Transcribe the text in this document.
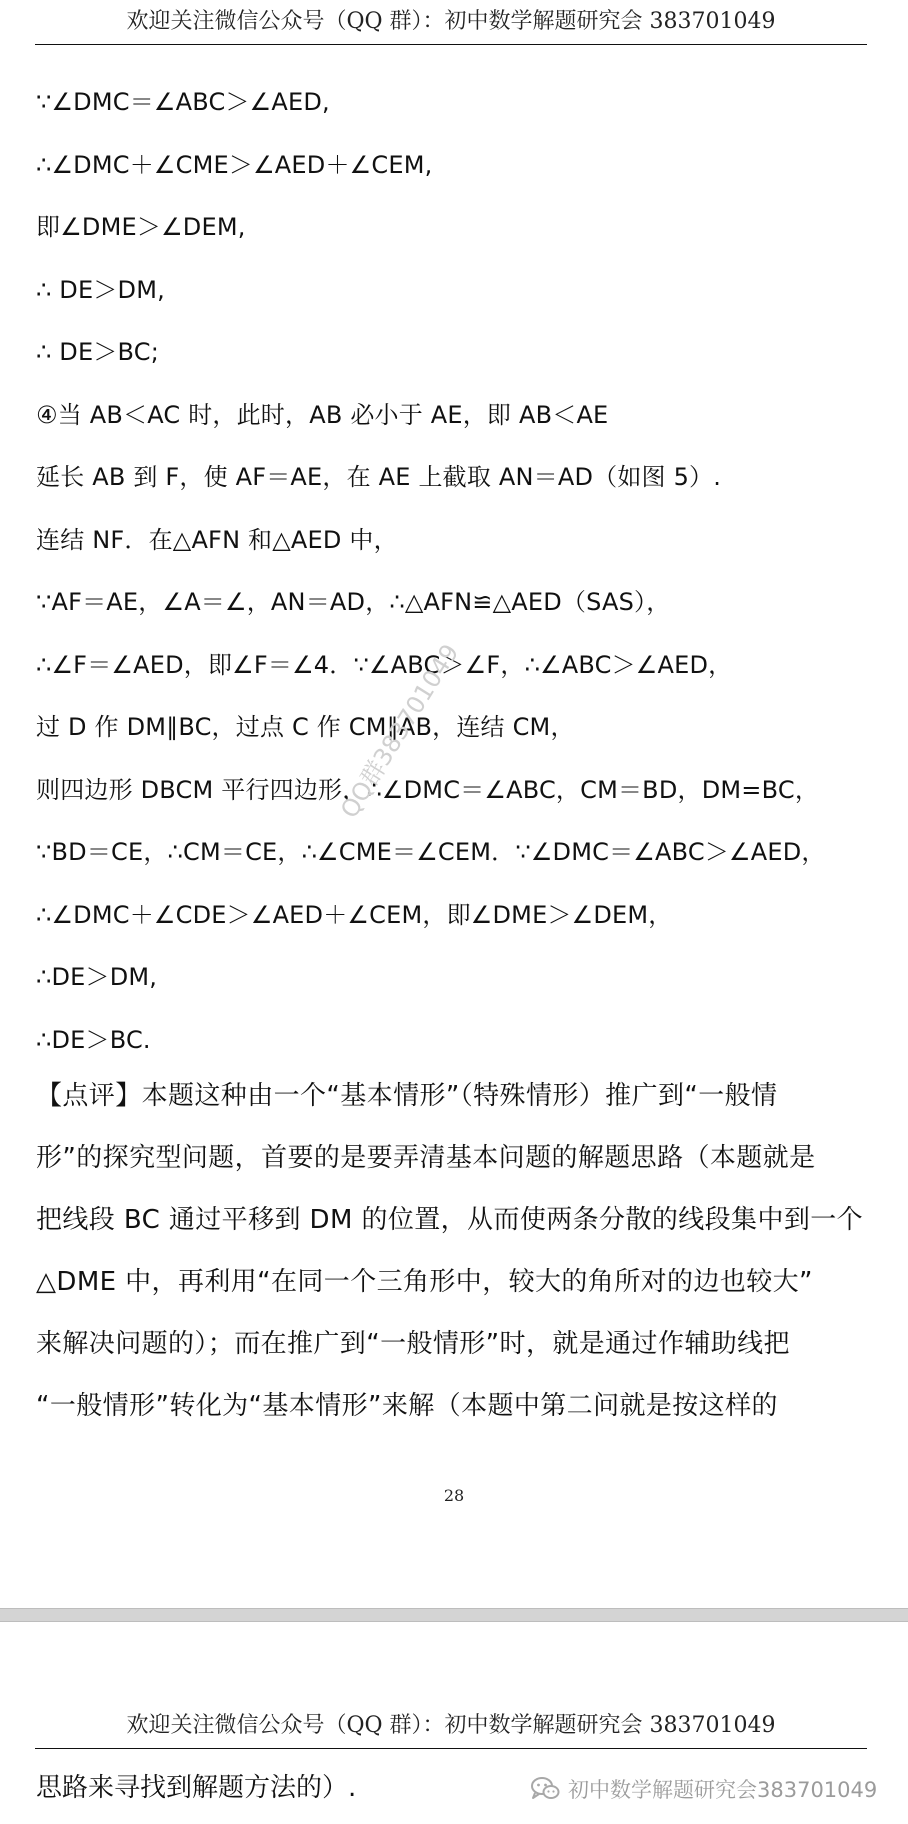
欢迎关注微信公众号（QQ 群）：初中数学解题研究会 383701049
∵∠DMC＝∠ABC＞∠AED,
∴∠DMC＋∠CME＞∠AED＋∠CEM,
即∠DME＞∠DEM,
∴ DE＞DM,
∴ DE＞BC;
④当 AB＜AC 时，此时，AB 必小于 AE，即 AB＜AE
延长 AB 到 F，使 AF＝AE，在 AE 上截取 AN＝AD（如图 5）.
连结 NF．在△AFN 和△AED 中，
∵AF＝AE，∠A＝∠，AN＝AD，∴△AFN≌△AED（SAS），
∴∠F＝∠AED，即∠F＝∠4．∵∠ABC＞∠F，∴∠ABC＞∠AED，
过 D 作 DM∥BC，过点 C 作 CM∥AB，连结 CM，
则四边形 DBCM 平行四边形，∴∠DMC＝∠ABC，CM＝BD，DM=BC，
∵BD＝CE，∴CM＝CE，∴∠CME＝∠CEM．∵∠DMC＝∠ABC＞∠AED，
∴∠DMC＋∠CDE＞∠AED＋∠CEM，即∠DME＞∠DEM，
∴DE＞DM,
∴DE＞BC.
【点评】本题这种由一个“基本情形”（特殊情形）推广到“一般情
形”的探究型问题，首要的是要弄清基本问题的解题思路（本题就是
把线段 BC 通过平移到 DM 的位置，从而使两条分散的线段集中到一个
△DME 中，再利用“在同一个三角形中，较大的角所对的边也较大”
来解决问题的）；而在推广到“一般情形”时，就是通过作辅助线把
“一般情形”转化为“基本情形”来解（本题中第二问就是按这样的
QQ群383701049
28
欢迎关注微信公众号（QQ 群）：初中数学解题研究会 383701049
思路来寻找到解题方法的）.	初中数学解题研究会383701049
